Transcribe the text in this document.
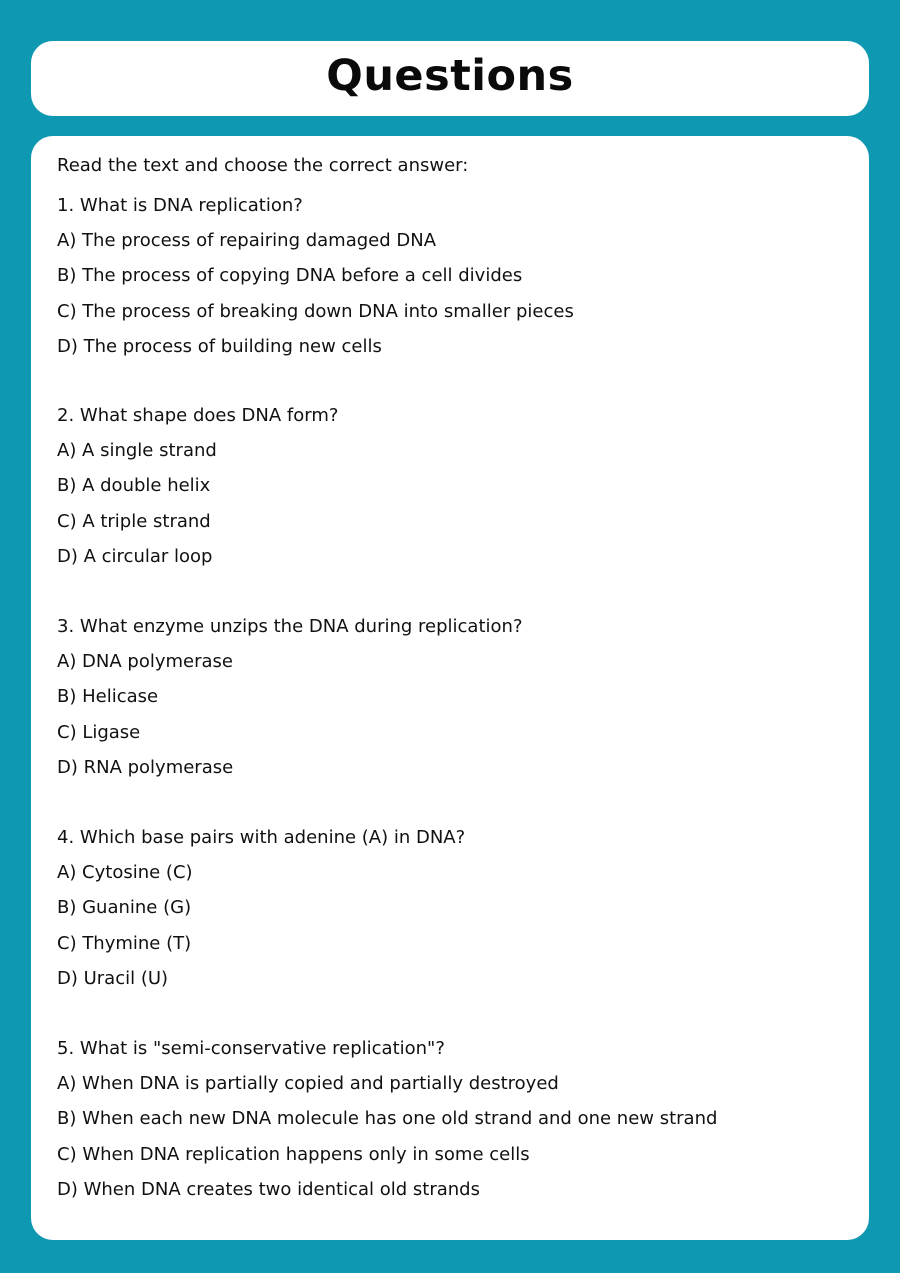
Questions
Read the text and choose the correct answer:
1. What is DNA replication?
A) The process of repairing damaged DNA
B) The process of copying DNA before a cell divides
C) The process of breaking down DNA into smaller pieces
D) The process of building new cells
2. What shape does DNA form?
A) A single strand
B) A double helix
C) A triple strand
D) A circular loop
3. What enzyme unzips the DNA during replication?
A) DNA polymerase
B) Helicase
C) Ligase
D) RNA polymerase
4. Which base pairs with adenine (A) in DNA?
A) Cytosine (C)
B) Guanine (G)
C) Thymine (T)
D) Uracil (U)
5. What is "semi-conservative replication"?
A) When DNA is partially copied and partially destroyed
B) When each new DNA molecule has one old strand and one new strand
C) When DNA replication happens only in some cells
D) When DNA creates two identical old strands
